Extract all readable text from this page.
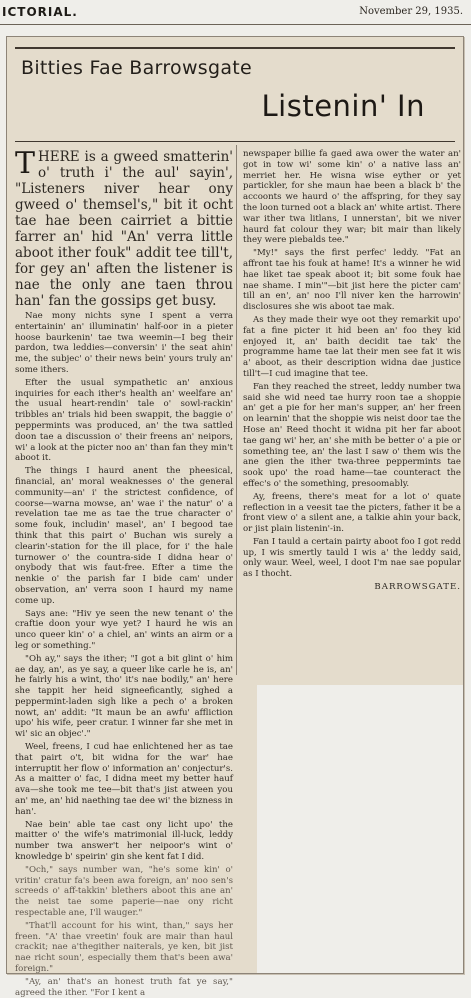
ICTORIAL.	November 29, 1935.
Bitties Fae Barrowsgate
Listenin' In

THERE is a gweed smatterin' o' truth i' the aul' sayin', "Listeners niver hear ony gweed o' themsel's," bit it ocht tae hae been cairriet a bittie farrer an' hid "An' verra little aboot ither fouk" addit tee till't, for gey an' aften the listener is nae the only ane taen throu han' fan the gossips get busy.

Nae mony nichts syne I spent a verra entertainin' an' illuminatin' half-oor in a pieter hoose baurkenin' tae twa weemin—I beg their pardon, twa leddies—conversin' i' the seat ahin' me, the subjec' o' their news bein' yours truly an' some ithers.

Efter the usual sympathetic an' anxious inquiries for each ither's health an' weelfare an' the usual heart-rendin' tale o' sowl-rackin' tribbles an' trials hid been swappit, the baggie o' peppermints was produced, an' the twa sattled doon tae a discussion o' their freens an' neipors, wi' a look at the picter noo an' than fan they min't aboot it.

The things I haurd anent the pheesical, financial, an' moral weaknesses o' the general community—an' i' the strictest confidence, of coorse—warna mowse, an' wae i' the natur' o' a revelation tae me as tae the true character o' some fouk, includin' masel', an' I begood tae think that this pairt o' Buchan wis surely a clearin'-station for the ill place, for i' the hale turnower o' the countra-side I didna hear o' onybody that wis faut-free. Efter a time the nenkie o' the parish far I bide cam' under observation, an' verra soon I haurd my name come up.

Says ane: "Hiv ye seen the new tenant o' the craftie doon your wye yet? I haurd he wis an unco queer kin' o' a chiel, an' wints an airm or a leg or something."

"Oh ay," says the ither; "I got a bit glint o' him ae day, an', as ye say, a queer like carle he is, an' he fairly his a wint, tho' it's nae bodily," an' here she tappit her heid signeeficantly, sighed a peppermint-laden sigh like a pech o' a broken nowt, an' addit: "It maun be an awfu' affliction upo' his wife, peer cratur. I winner far she met in wi' sic an objec'."

Weel, freens, I cud hae enlichtened her as tae that pairt o't, bit widna for the war' hae interruptit her flow o' information an' conjectur's. As a maitter o' fac, I didna meet my better hauf ava—she took me tee—bit that's jist atween you an' me, an' hid naething tae dee wi' the bizness in han'.

Nae bein' able tae cast ony licht upo' the maitter o' the wife's matrimonial ill-luck, leddy number twa answer't her neipoor's wint o' knowledge b' speirin' gin she kent fat I did.

"Och," says number wan, "he's some kin' o' vritin' cratur fa's been awa foreign, an' noo sen's screeds o' aff-takkin' blethers aboot this ane an' the neist tae some paperie—nae ony richt respectable ane, I'll wauger."

"That'll account for his wint, than," says her freen. "A' thae vreetin' fouk are mair than haul crackit; nae a'thegither naiterals, ye ken, bit jist nae richt soun', especially them that's been awa' foreign."

"Ay, an' that's an honest truth fat ye say," agreed the ither. "For I kent a

newspaper billie fa gaed awa ower the water an' got in tow wi' some kin' o' a native lass an' merriet her. He wisna wise eyther or yet partickler, for she maun hae been a black b' the accoonts we haurd o' the affspring, for they say the loon turned oot a black an' white artist. There war ither twa litlans, I unnerstan', bit we niver haurd fat colour they war; bit mair than likely they were piebalds tee."

"My!" says the first perfec' leddy. "Fat an affront tae his fouk at hame! It's a winner he wid hae liket tae speak aboot it; bit some fouk hae nae shame. I min'"—bit jist here the picter cam' till an en', an' noo I'll niver ken the harrowin' disclosures she wis aboot tae mak.

As they made their wye oot they remarkit upo' fat a fine picter it hid been an' foo they kid enjoyed it, an' baith decidit tae tak' the programme hame tae lat their men see fat it wis a' aboot, as their description widna dae justice till't—I cud imagine that tee.

Fan they reached the street, leddy number twa said she wid need tae hurry roon tae a shoppie an' get a pie for her man's supper, an' her freen on learnin' that the shoppie wis neist door tae the Hose an' Reed thocht it widna pit her far aboot tae gang wi' her, an' she mith be better o' a pie or something tee, an' the last I saw o' them wis the ane gien the ither twa-three peppermints tae sook upo' the road hame—tae counteract the effec's o' the something, presoomably.

Ay, freens, there's meat for a lot o' quate reflection in a veesit tae the picters, father it be a front view o' a silent ane, a talkie ahin your back, or jist plain listenin'-in.

Fan I tauld a certain pairty aboot foo I got redd up, I wis smertly tauld I wis a' the leddy said, only waur. Weel, weel, I doot I'm nae sae popular as I thocht.

BARROWSGATE.
